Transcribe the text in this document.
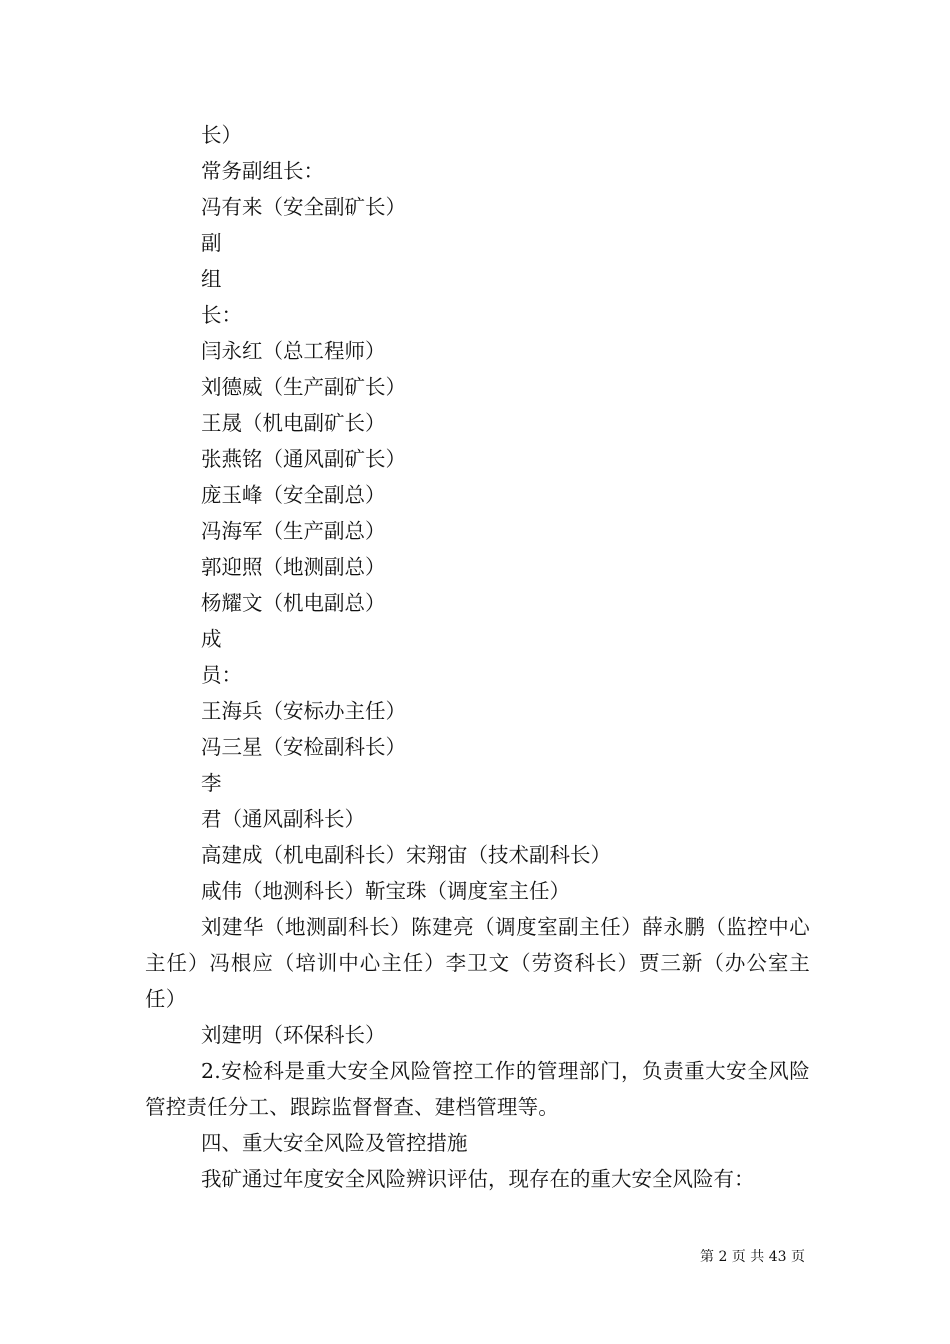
长）
常务副组长：
冯有来（安全副矿长）
副
组
长：
闫永红（总工程师）
刘德威（生产副矿长）
王晟（机电副矿长）
张燕铭（通风副矿长）
庞玉峰（安全副总）
冯海军（生产副总）
郭迎照（地测副总）
杨耀文（机电副总）
成
员：
王海兵（安标办主任）
冯三星（安检副科长）
李
君（通风副科长）
高建成（机电副科长）宋翔宙（技术副科长）
咸伟（地测科长）靳宝珠（调度室主任）
刘建华（地测副科长）陈建亮（调度室副主任）薛永鹏（监控中心主任）冯根应（培训中心主任）李卫文（劳资科长）贾三新（办公室主任）
刘建明（环保科长）
2.安检科是重大安全风险管控工作的管理部门，负责重大安全风险管控责任分工、跟踪监督督查、建档管理等。
四、重大安全风险及管控措施
我矿通过年度安全风险辨识评估，现存在的重大安全风险有：
第 2 页 共 43 页
